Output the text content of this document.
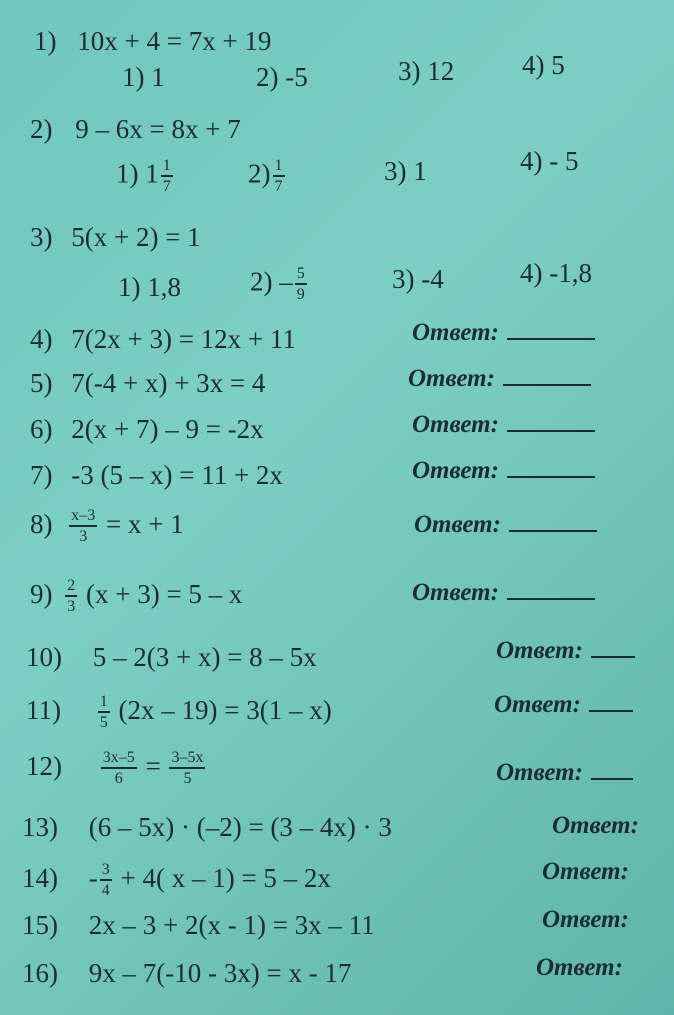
1) 10x + 4 = 7x + 19
1) 1	2) -5	3) 12	4) 5
2) 9 – 6x = 8x + 7
1) $1 \frac{1}{7}$	$2) \frac{1}{7}$	3) 1	4) - 5
3) 5(x + 2) = 1
1) 1,8	$2) - \frac{5}{9}$	3) -4	4) -1,8
4) 7(2x + 3) = 12x + 11	Ответ:
5) 7(-4 + x) + 3x = 4	Ответ:
6) 2(x + 7) – 9 = -2x	Ответ:
7) -3 (5 – x) = 11 + 2x	Ответ:
$8) \frac{x-3}{3} = x + 1$	Ответ:
$9) \frac{2}{3} (x + 3) = 5 - x$	Ответ:
10) 5 – 2(3 + x) = 8 – 5x	Ответ:
$11) \frac{1}{5} (2x - 19) = 3(1 - x)$	Ответ:
$12) \frac{3x-5}{6} = \frac{3-5x}{5}$	Ответ:
13) (6 – 5x) · (–2) = (3 – 4x) · 3	Ответ:
$14) - \frac{3}{4} + 4$( x – 1) = 5 – 2x	Ответ:
15) 2x – 3 + 2(x - 1) = 3x – 11	Ответ:
16) 9x – 7(-10 - 3x) = x - 17	Ответ:
